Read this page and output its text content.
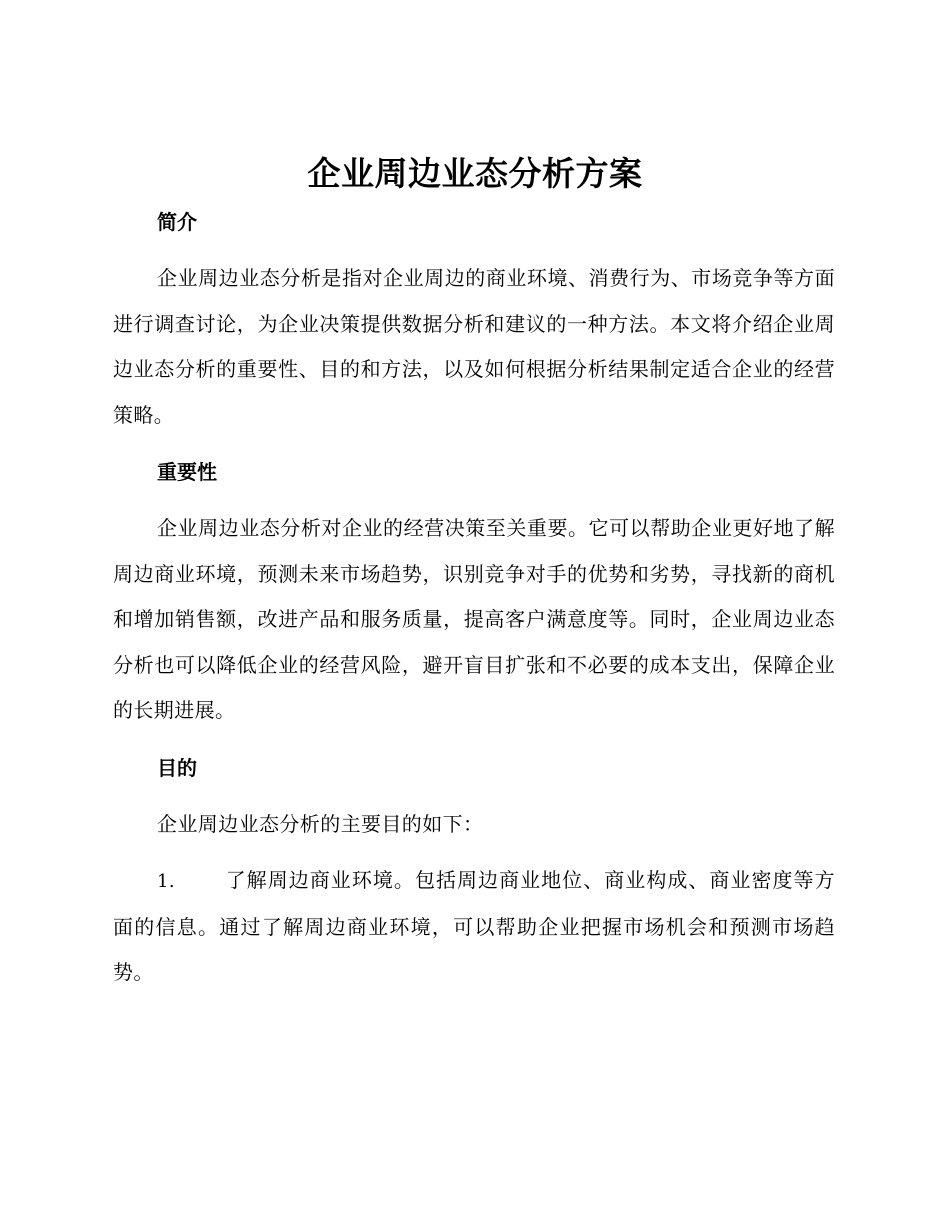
企业周边业态分析方案

简介

企业周边业态分析是指对企业周边的商业环境、消费行为、市场竞争等方面进行调查讨论，为企业决策提供数据分析和建议的一种方法。本文将介绍企业周边业态分析的重要性、目的和方法，以及如何根据分析结果制定适合企业的经营策略。

重要性

企业周边业态分析对企业的经营决策至关重要。它可以帮助企业更好地了解周边商业环境，预测未来市场趋势，识别竞争对手的优势和劣势，寻找新的商机和增加销售额，改进产品和服务质量，提高客户满意度等。同时，企业周边业态分析也可以降低企业的经营风险，避开盲目扩张和不必要的成本支出，保障企业的长期进展。

目的

企业周边业态分析的主要目的如下：

1.	了解周边商业环境。包括周边商业地位、商业构成、商业密度等方面的信息。通过了解周边商业环境，可以帮助企业把握市场机会和预测市场趋势。
